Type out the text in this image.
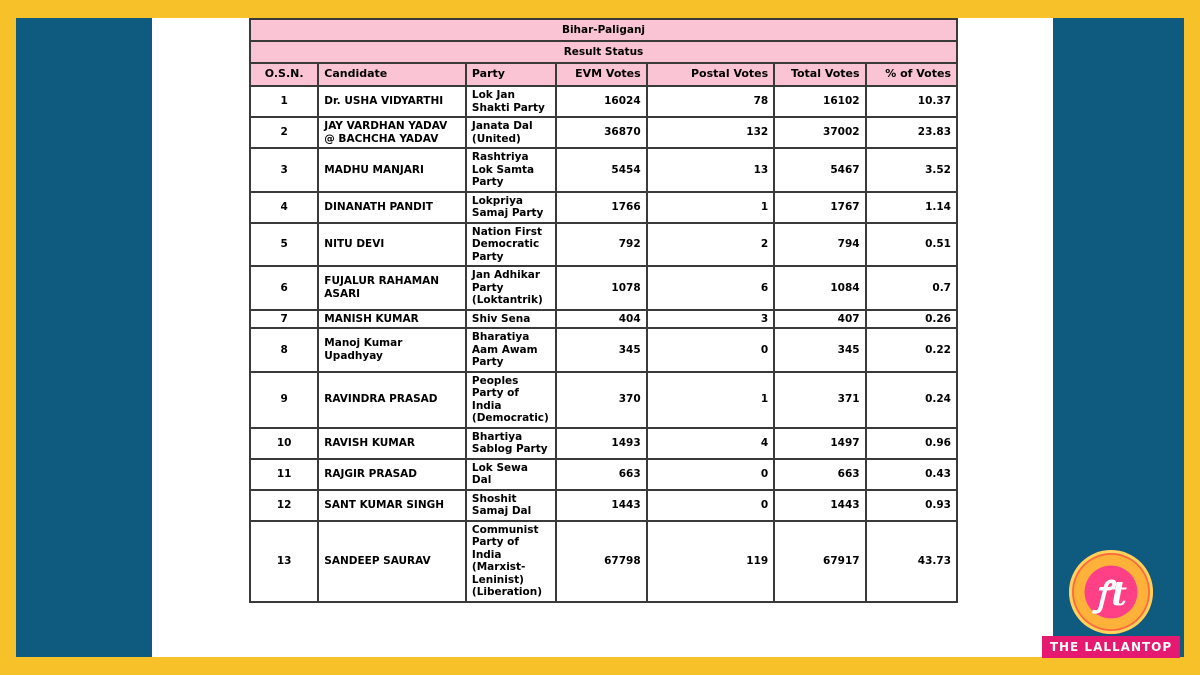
Bihar-Paliganj						
Result Status						
O.S.N.	Candidate	Party	EVM Votes	Postal Votes	Total Votes	% of Votes
1	Dr. USHA VIDYARTHI	Lok Jan Shakti Party	16024	78	16102	10.37
2	JAY VARDHAN YADAV @ BACHCHA YADAV	Janata Dal (United)	36870	132	37002	23.83
3	MADHU MANJARI	Rashtriya Lok Samta Party	5454	13	5467	3.52
4	DINANATH PANDIT	Lokpriya Samaj Party	1766	1	1767	1.14
5	NITU DEVI	Nation First Democratic Party	792	2	794	0.51
6	FUJALUR RAHAMAN ASARI	Jan Adhikar Party (Loktantrik)	1078	6	1084	0.7
7	MANISH KUMAR	Shiv Sena	404	3	407	0.26
8	Manoj Kumar Upadhyay	Bharatiya Aam Awam Party	345	0	345	0.22
9	RAVINDRA PRASAD	Peoples Party of India (Democratic)	370	1	371	0.24
10	RAVISH KUMAR	Bhartiya Sablog Party	1493	4	1497	0.96
11	RAJGIR PRASAD	Lok Sewa Dal	663	0	663	0.43
12	SANT KUMAR SINGH	Shoshit Samaj Dal	1443	0	1443	0.93
13	SANDEEP SAURAV	Communist Party of India (Marxist-Leninist) (Liberation)	67798	119	67917	43.73
ꝭt
THE LALLANTOP
